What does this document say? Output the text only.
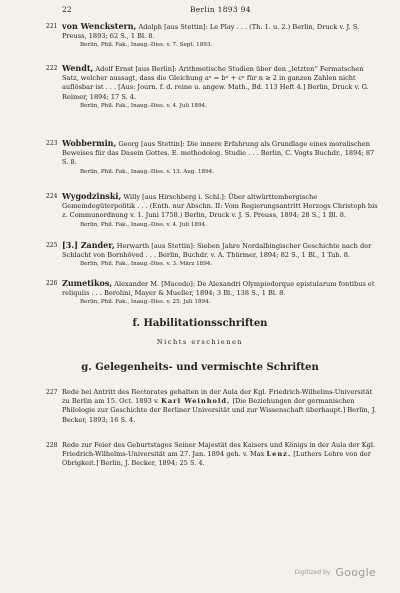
22	Berlin 1893 94
221 von Wenckstern, Adolph [aus Stettin]: Le Play . . . (Th. 1. u. 2.) Berlin, Druck v. J. S. Preuss, 1893; 62 S., 1 Bl. 8.
Berlin, Phil. Fak., Inaug.-Diss. v. 7. Sept. 1893.
222 Wendt, Adolf Ernst [aus Berlin]: Arithmetische Studien über den „letzten“ Fermatschen Satz, welcher aussagt, dass die Gleichung aⁿ = bⁿ + cⁿ für n ≥ 2 in ganzen Zahlen nicht auflösbar ist . . . [Aus: Journ. f. d. reine u. angew. Math., Bd. 113 Heft 4.] Berlin, Druck v. G. Reimer, 1894; 17 S. 4.
Berlin, Phil. Fak., Inaug.-Diss. v. 4. Juli 1894.
223 Wobbermin, Georg [aus Stettin]: Die innere Erfahrung als Grundlage eines moralischen Beweises für das Dasein Gottes. E. methodolog. Studie . . . Berlin, C. Vogts Buchdr., 1894; 87 S. 8.
Berlin, Phil. Fak., Inaug.-Diss. v. 13. Aug. 1894.
224 Wygodzinski, Willy [aus Hirschberg i. Schl.]: Über altwürttembergische Gemeindegüterpolitik . . . (Enth. nur Abschn. II: Vom Regierungsantritt Herzogs Christoph bis z. Communordnung v. 1. Juni 1758.) Berlin, Druck v. J. S. Preuss, 1894; 28 S., 1 Bl. 8.
Berlin, Phil. Fak., Inaug.-Diss. v. 4. Juli 1894.
225 [3.] Zander, Herwarth [aus Stettin]: Sieben Jahre Nordalbingischer Geschichte nach der Schlacht von Bornhöved . . . Berlin, Buchdr. v. A. Thürmer, 1894; 82 S., 1 Bl., 1 Tab. 8.
Berlin, Phil. Fak., Inaug.-Diss. v. 3. März 1894.
226 Zumetikos, Alexander M. [Macedo]: De Alexandri Olympiodorque epistularum fontibus et reliquiis . . . Berolini, Mayer & Mueller, 1894; 3 Bl., 138 S., 1 Bl. 8.
Berlin, Phil. Fak., Inaug.-Diss. v. 25. Juli 1894.
f. Habilitationsschriften
Nichts erschienen
g. Gelegenheits- und vermischte Schriften
227 Rede bei Antritt des Rectorates gehalten in der Aula der Kgl. Friedrich-Wilhelms-Universität zu Berlin am 15. Oct. 1893 v. Karl Weinhold. [Die Beziehungen der germanischen Philologie zur Geschichte der Berliner Universität und zur Wissenschaft überhaupt.] Berlin, J. Becker, 1893; 16 S. 4.
228 Rede zur Feier des Geburtstages Seiner Majestät des Kaisers und Königs in der Aula der Kgl. Friedrich-Wilhelms-Universität am 27. Jan. 1894 geh. v. Max Lenz. [Luthers Lehre von der Obrigkeit.] Berlin, J. Becker, 1894; 25 S. 4.
Digitized by Google
